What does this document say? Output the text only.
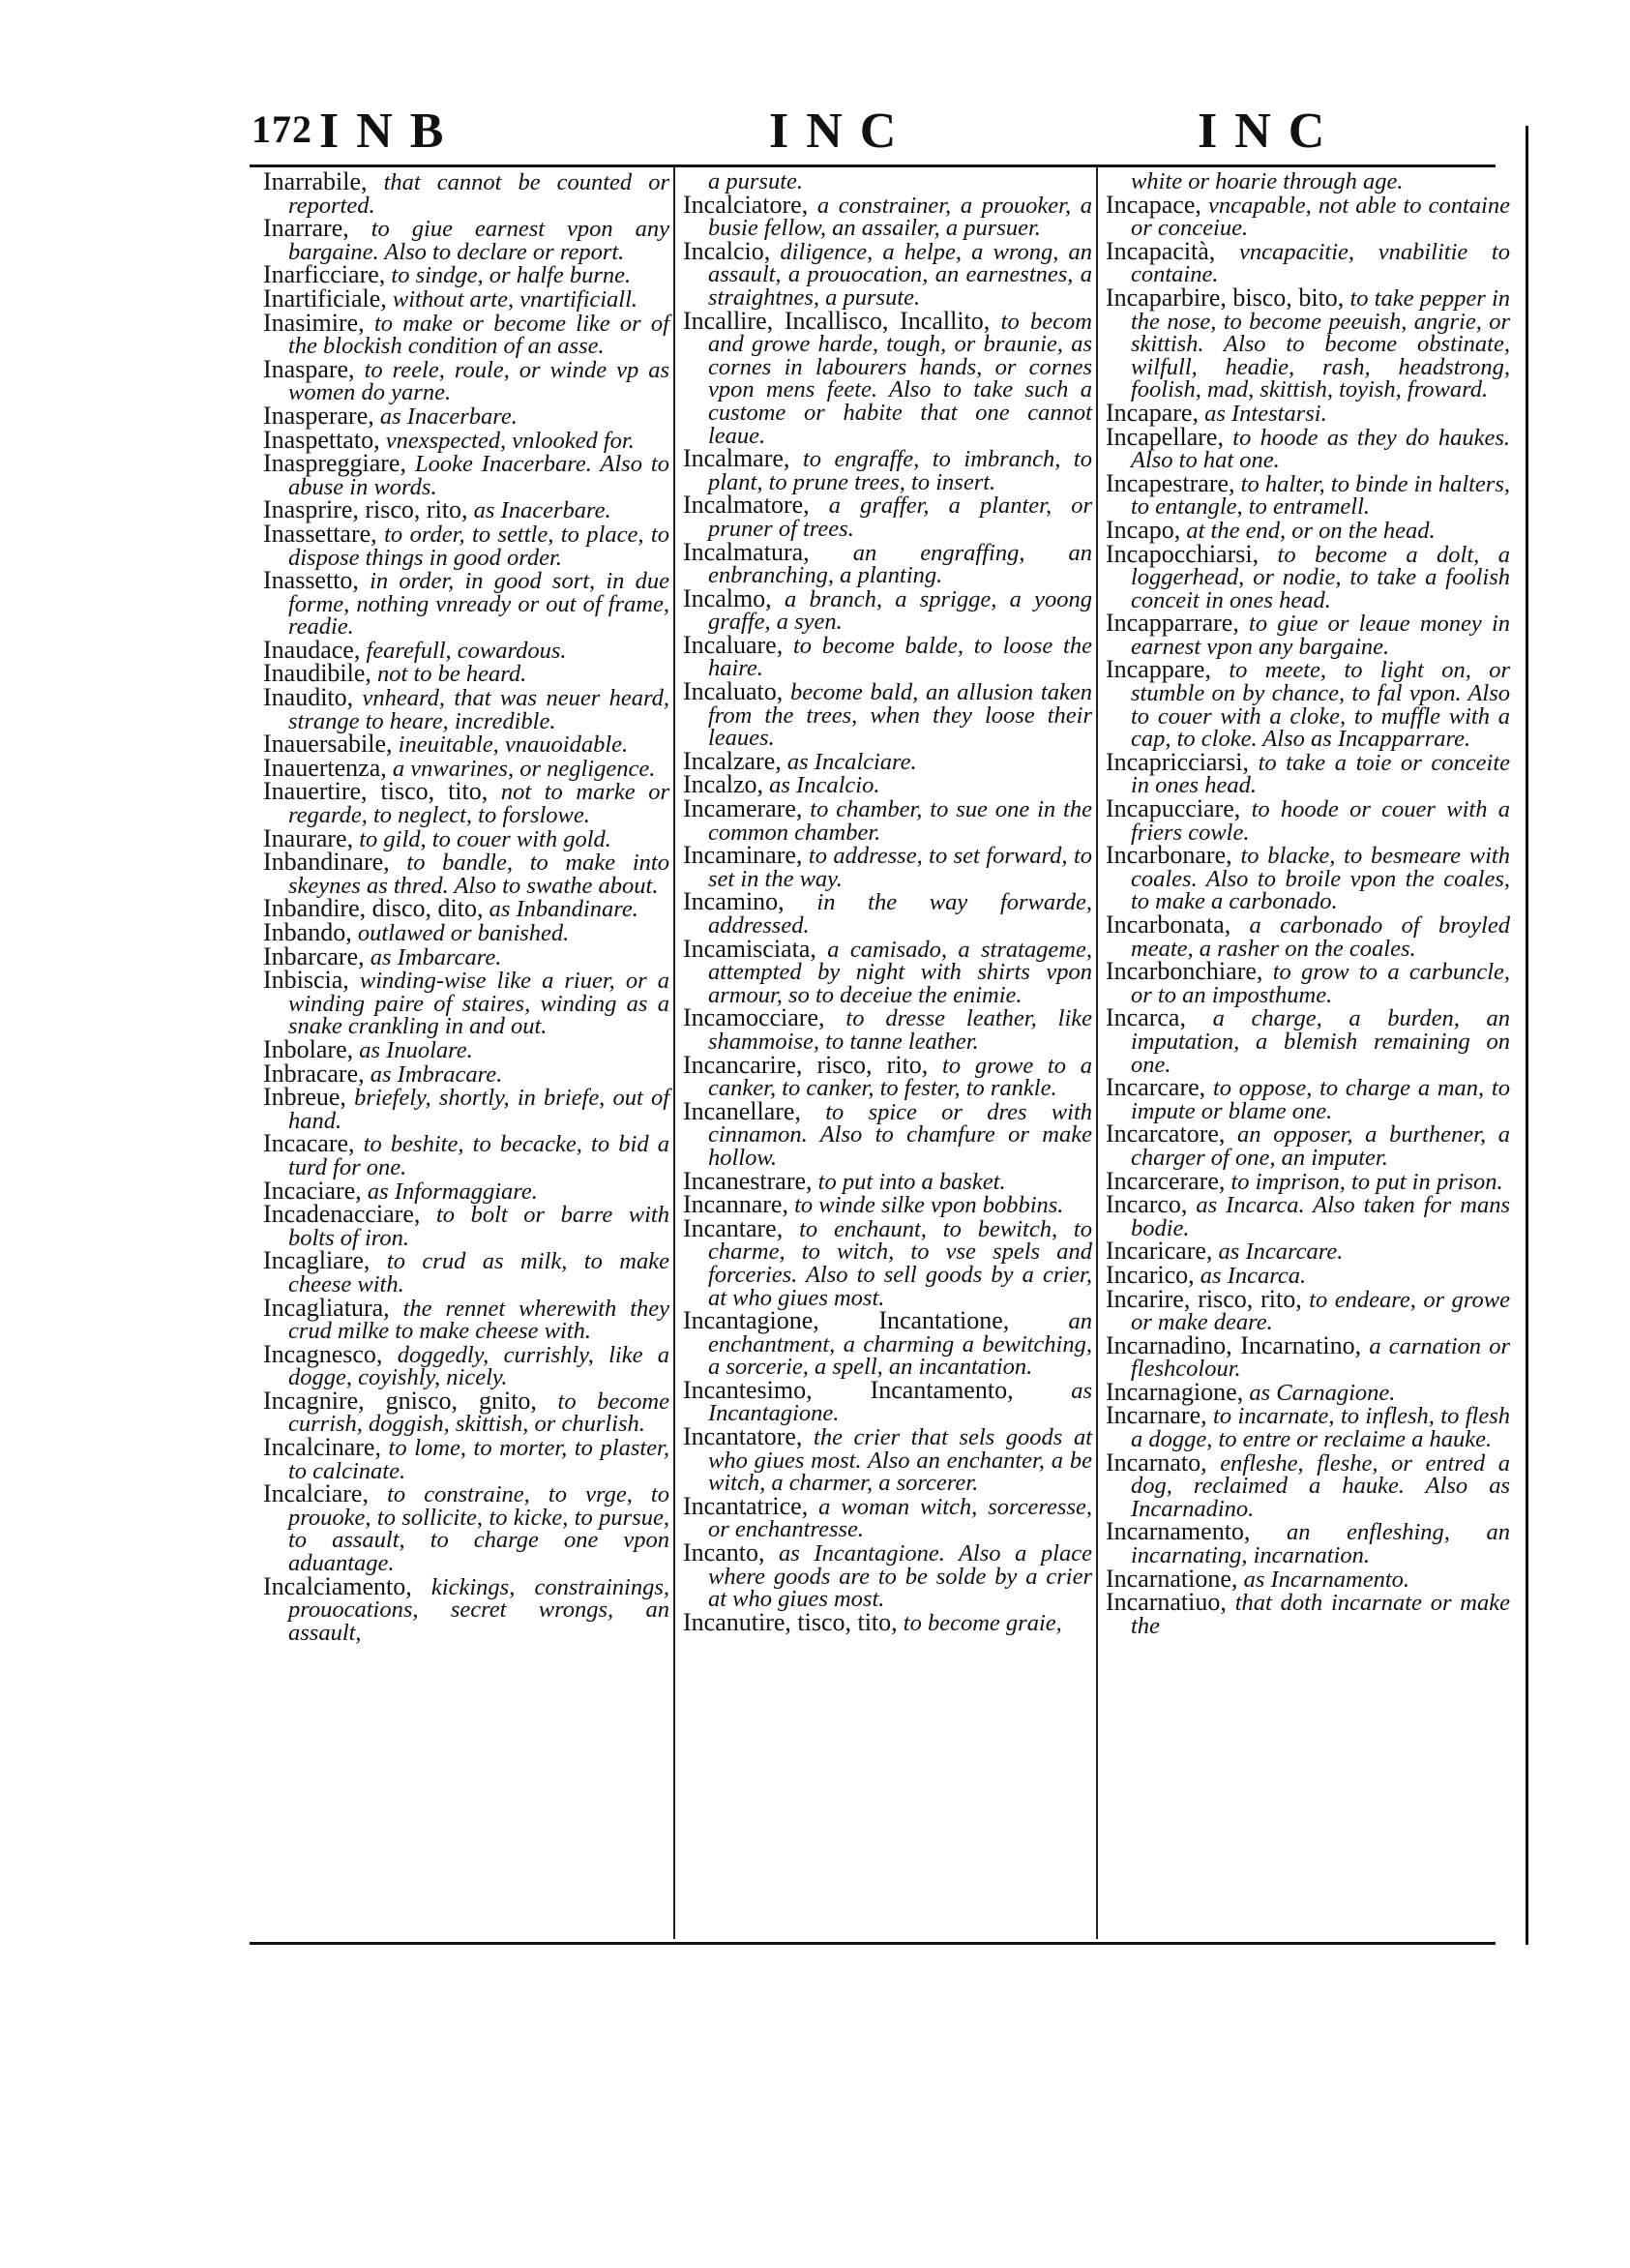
172 INB	INC	INC
Inarrabile, that cannot be counted or reported.
Inarrare, to giue earnest vpon any bargaine. Also to declare or report.
Inarficciare, to sindge, or halfe burne.
Inartificiale, without arte, vnartificiall.
Inasimire, to make or become like or of the blockish condition of an asse.
Inaspare, to reele, roule, or winde vp as women do yarne.
Inasperare, as Inacerbare.
Inaspettato, vnexspected, vnlooked for.
Inaspreggiare, Looke Inacerbare. Also to abuse in words.
Inasprire, risco, rito, as Inacerbare.
Inassettare, to order, to settle, to place, to dispose things in good order.
Inassetto, in order, in good sort, in due forme, nothing vnready or out of frame, readie.
Inaudace, fearefull, cowardous.
Inaudibile, not to be heard.
Inaudito, vnheard, that was neuer heard, strange to heare, incredible.
Inauersabile, ineuitable, vnauoidable.
Inauertenza, a vnwarines, or negligence.
Inauertire, tisco, tito, not to marke or regarde, to neglect, to forslowe.
Inaurare, to gild, to couer with gold.
Inbandinare, to bandle, to make into skeynes as thred. Also to swathe about.
Inbandire, disco, dito, as Inbandinare.
Inbando, outlawed or banished.
Inbarcare, as Imbarcare.
Inbiscia, winding-wise like a riuer, or a winding paire of staires, winding as a snake crankling in and out.
Inbolare, as Inuolare.
Inbracare, as Imbracare.
Inbreue, briefely, shortly, in briefe, out of hand.
Incacare, to beshite, to becacke, to bid a turd for one.
Incaciare, as Informaggiare.
Incadenacciare, to bolt or barre with bolts of iron.
Incagliare, to crud as milk, to make cheese with.
Incagliatura, the rennet wherewith they crud milke to make cheese with.
Incagnesco, doggedly, currishly, like a dogge, coyishly, nicely.
Incagnire, gnisco, gnito, to become currish, doggish, skittish, or churlish.
Incalcinare, to lome, to morter, to plaster, to calcinate.
Incalciare, to constraine, to vrge, to prouoke, to sollicite, to kicke, to pursue, to assault, to charge one vpon aduantage.
Incalciamento, kickings, constrainings, prouocations, secret wrongs, an assault,
a pursute.
Incalciatore, a constrainer, a prouoker, a busie fellow, an assailer, a pursuer.
Incalcio, diligence, a helpe, a wrong, an assault, a prouocation, an earnestnes, a straightnes, a pursute.
Incallire, Incallisco, Incallito, to becom and growe harde, tough, or braunie, as cornes in labourers hands, or cornes vpon mens feete. Also to take such a custome or habite that one cannot leaue.
Incalmare, to engraffe, to imbranch, to plant, to prune trees, to insert.
Incalmatore, a graffer, a planter, or pruner of trees.
Incalmatura, an engraffing, an enbranching, a planting.
Incalmo, a branch, a sprigge, a yoong graffe, a syen.
Incaluare, to become balde, to loose the haire.
Incaluato, become bald, an allusion taken from the trees, when they loose their leaues.
Incalzare, as Incalciare.
Incalzo, as Incalcio.
Incamerare, to chamber, to sue one in the common chamber.
Incaminare, to addresse, to set forward, to set in the way.
Incamino, in the way forwarde, addressed.
Incamisciata, a camisado, a stratageme, attempted by night with shirts vpon armour, so to deceiue the enimie.
Incamocciare, to dresse leather, like shammoise, to tanne leather.
Incancarire, risco, rito, to growe to a canker, to canker, to fester, to rankle.
Incanellare, to spice or dres with cinnamon. Also to chamfure or make hollow.
Incanestrare, to put into a basket.
Incannare, to winde silke vpon bobbins.
Incantare, to enchaunt, to bewitch, to charme, to witch, to vse spels and forceries. Also to sell goods by a crier, at who giues most.
Incantagione, Incantatione, an enchantment, a charming a bewitching, a sorcerie, a spell, an incantation.
Incantesimo, Incantamento, as Incantagione.
Incantatore, the crier that sels goods at who giues most. Also an enchanter, a be witch, a charmer, a sorcerer.
Incantatrice, a woman witch, sorceresse, or enchantresse.
Incanto, as Incantagione. Also a place where goods are to be solde by a crier at who giues most.
Incanutire, tisco, tito, to become graie,
white or hoarie through age.
Incapace, vncapable, not able to containe or conceiue.
Incapacità, vncapacitie, vnabilitie to containe.
Incaparbire, bisco, bito, to take pepper in the nose, to become peeuish, angrie, or skittish. Also to become obstinate, wilfull, headie, rash, headstrong, foolish, mad, skittish, toyish, froward.
Incapare, as Intestarsi.
Incapellare, to hoode as they do haukes. Also to hat one.
Incapestrare, to halter, to binde in halters, to entangle, to entramell.
Incapo, at the end, or on the head.
Incapocchiarsi, to become a dolt, a loggerhead, or nodie, to take a foolish conceit in ones head.
Incapparrare, to giue or leaue money in earnest vpon any bargaine.
Incappare, to meete, to light on, or stumble on by chance, to fal vpon. Also to couer with a cloke, to muffle with a cap, to cloke. Also as Incapparrare.
Incapricciarsi, to take a toie or conceite in ones head.
Incapucciare, to hoode or couer with a friers cowle.
Incarbonare, to blacke, to besmeare with coales. Also to broile vpon the coales, to make a carbonado.
Incarbonata, a carbonado of broyled meate, a rasher on the coales.
Incarbonchiare, to grow to a carbuncle, or to an imposthume.
Incarca, a charge, a burden, an imputation, a blemish remaining on one.
Incarcare, to oppose, to charge a man, to impute or blame one.
Incarcatore, an opposer, a burthener, a charger of one, an imputer.
Incarcerare, to imprison, to put in prison.
Incarco, as Incarca. Also taken for mans bodie.
Incaricare, as Incarcare.
Incarico, as Incarca.
Incarire, risco, rito, to endeare, or growe or make deare.
Incarnadino, Incarnatino, a carnation or fleshcolour.
Incarnagione, as Carnagione.
Incarnare, to incarnate, to inflesh, to flesh a dogge, to entre or reclaime a hauke.
Incarnato, enfleshe, fleshe, or entred a dog, reclaimed a hauke. Also as Incarnadino.
Incarnamento, an enfleshing, an incarnating, incarnation.
Incarnatione, as Incarnamento.
Incarnatiuo, that doth incarnate or make the
